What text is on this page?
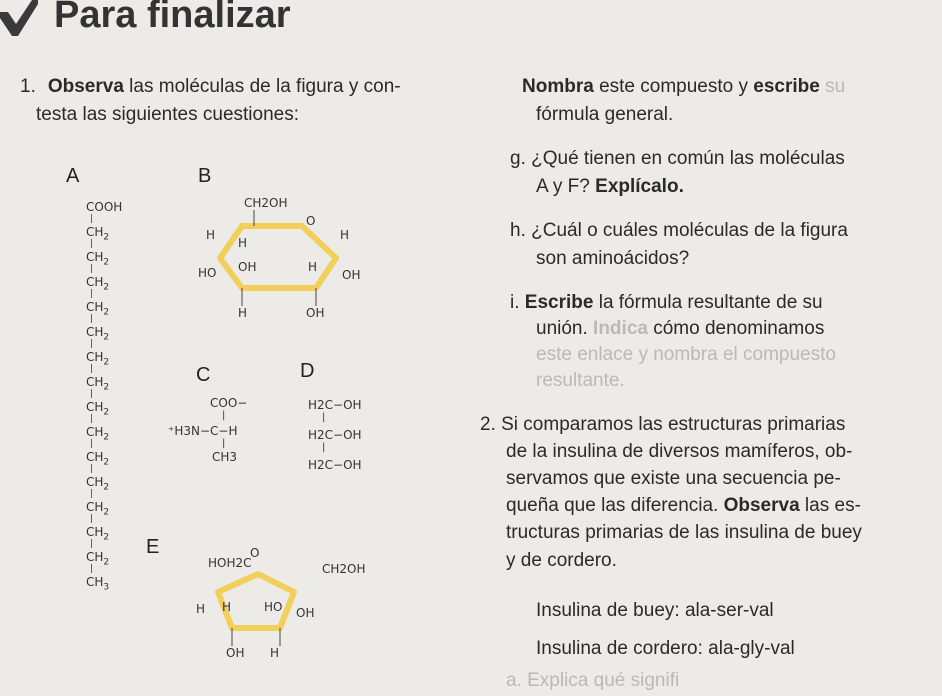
Para finalizar
1. Observa las moléculas de la figura y con-
testa las siguientes cuestiones:
A	B
C	D
E
COOH
|
$CH_2$
|
$CH_2$
|
$CH_2$
|
$CH_2$
|
$CH_2$
|
$CH_2$
|
$CH_2$
|
$CH_2$
|
$CH_2$
|
$CH_2$
|
$CH_2$
|
$CH_2$
|
$CH_2$
|
$CH_2$
|
$CH_3$
CH2OH
O
H
H
H
HO OH	H
OH
H	OH
COO−
|
⁺H3N−C−H
|
CH3
H2C−OH
|
H2C−OH
|
H2C−OH
HOH2C
O
CH2OH
H H	HO OH
OH H
Nombra este compuesto y escribe su
fórmula general.
g. ¿Qué tienen en común las moléculas
A y F? Explícalo.
h. ¿Cuál o cuáles moléculas de la figura
son aminoácidos?
i. Escribe la fórmula resultante de su
unión. Indica cómo denominamos
este enlace y nombra el compuesto
resultante.
2. Si comparamos las estructuras primarias
de la insulina de diversos mamíferos, ob-
servamos que existe una secuencia pe-
queña que las diferencia. Observa las es-
tructuras primarias de las insulina de buey
y de cordero.
Insulina de buey: ala-ser-val
Insulina de cordero: ala-gly-val
a. Explica qué signifi
